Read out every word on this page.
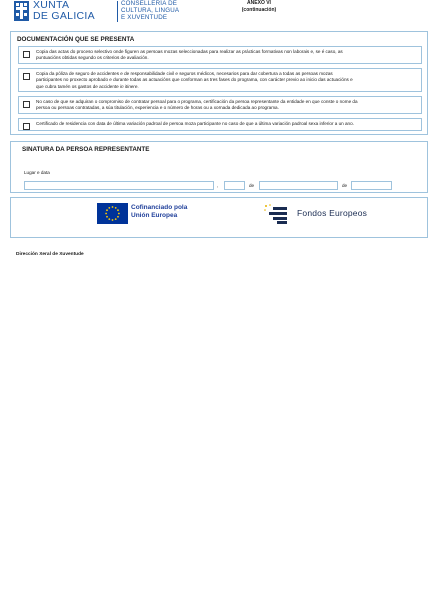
XUNTA
DE GALICIA
CONSELLERÍA DE
CULTURA, LINGUA
E XUVENTUDE
ANEXO VI
(continuación)
DOCUMENTACIÓN QUE SE PRESENTA
Copia das actas do proceso selectivo onde figuren as persoas mozas seleccionadas para realizar as prácticas formativas non laborais e, se é caso, as
puntuacións obtidas segundo os criterios de avaliación.
Copia da póliza de seguro de accidentes e de responsabilidade civil e seguros médicos, necesarios para dar cobertura a todas as persoas mozas
participantes no proxecto aprobado e durante todas as actuacións que conforman as tres fases do programa, con carácter previo ao inicio das actuacións e
que cubra tamén os gastos de accidente in itinere.
No caso de que se adquiran o compromiso de contratar persoal para o programa, certificación da persoa representante da entidade en que conste o nome da
persoa ou persoas contratadas, a súa titulación, experiencia e o número de horas ou a xornada dedicada ao programa.
Certificado de residencia con data de última variación padroal de persoa moza participante no caso de que a última variación padroal sexa inferior a un ano.
SINATURA DA PERSOA REPRESENTANTE
Lugar e data
,	de	de
Cofinanciado pola
Unión Europea	Fondos Europeos
Dirección Xeral de Xuventude
